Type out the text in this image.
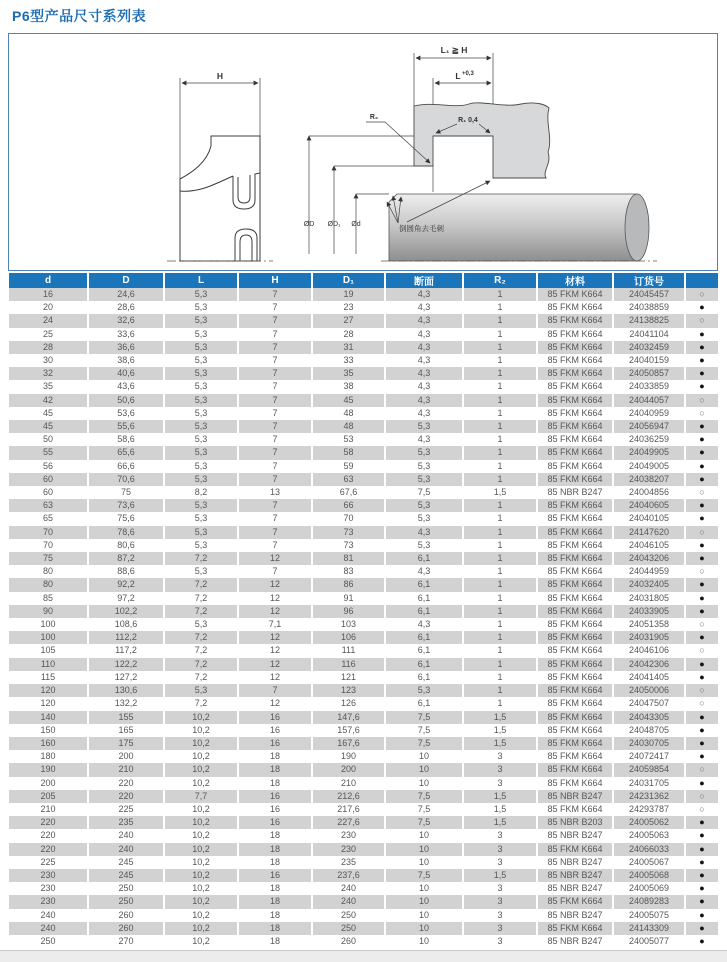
P6型产品尺寸系列表
H
L₁ ≧ H
L +0,3
R₁ 0,4
R₂
ØD ØD₁ Ød	倒圆角去毛刺
d	D	L	H	D₁	断面	R₂	材料	订货号	
16	24,6	5,3	7	19	4,3	1	85 FKM K664	24045457	○
20	28,6	5,3	7	23	4,3	1	85 FKM K664	24038859	●
24	32,6	5,3	7	27	4,3	1	85 FKM K664	24138825	○
25	33,6	5,3	7	28	4,3	1	85 FKM K664	24041104	●
28	36,6	5,3	7	31	4,3	1	85 FKM K664	24032459	●
30	38,6	5,3	7	33	4,3	1	85 FKM K664	24040159	●
32	40,6	5,3	7	35	4,3	1	85 FKM K664	24050857	●
35	43,6	5,3	7	38	4,3	1	85 FKM K664	24033859	●
42	50,6	5,3	7	45	4,3	1	85 FKM K664	24044057	○
45	53,6	5,3	7	48	4,3	1	85 FKM K664	24040959	○
45	55,6	5,3	7	48	5,3	1	85 FKM K664	24056947	●
50	58,6	5,3	7	53	4,3	1	85 FKM K664	24036259	●
55	65,6	5,3	7	58	5,3	1	85 FKM K664	24049905	●
56	66,6	5,3	7	59	5,3	1	85 FKM K664	24049005	●
60	70,6	5,3	7	63	5,3	1	85 FKM K664	24038207	●
60	75	8,2	13	67,6	7,5	1,5	85 NBR B247	24004856	○
63	73,6	5,3	7	66	5,3	1	85 FKM K664	24040605	●
65	75,6	5,3	7	70	5,3	1	85 FKM K664	24040105	●
70	78,6	5,3	7	73	4,3	1	85 FKM K664	24147620	○
70	80,6	5,3	7	73	5,3	1	85 FKM K664	24046105	●
75	87,2	7,2	12	81	6,1	1	85 FKM K664	24043206	●
80	88,6	5,3	7	83	4,3	1	85 FKM K664	24044959	○
80	92,2	7,2	12	86	6,1	1	85 FKM K664	24032405	●
85	97,2	7,2	12	91	6,1	1	85 FKM K664	24031805	●
90	102,2	7,2	12	96	6,1	1	85 FKM K664	24033905	●
100	108,6	5,3	7,1	103	4,3	1	85 FKM K664	24051358	○
100	112,2	7,2	12	106	6,1	1	85 FKM K664	24031905	●
105	117,2	7,2	12	111	6,1	1	85 FKM K664	24046106	○
110	122,2	7,2	12	116	6,1	1	85 FKM K664	24042306	●
115	127,2	7,2	12	121	6,1	1	85 FKM K664	24041405	●
120	130,6	5,3	7	123	5,3	1	85 FKM K664	24050006	○
120	132,2	7,2	12	126	6,1	1	85 FKM K664	24047507	○
140	155	10,2	16	147,6	7,5	1,5	85 FKM K664	24043305	●
150	165	10,2	16	157,6	7,5	1,5	85 FKM K664	24048705	●
160	175	10,2	16	167,6	7,5	1,5	85 FKM K664	24030705	●
180	200	10,2	18	190	10	3	85 FKM K664	24072417	●
190	210	10,2	18	200	10	3	85 FKM K664	24059854	○
200	220	10,2	18	210	10	3	85 FKM K664	24031705	●
205	220	7,7	16	212,6	7,5	1,5	85 NBR B247	24231362	○
210	225	10,2	16	217,6	7,5	1,5	85 FKM K664	24293787	○
220	235	10,2	16	227,6	7,5	1,5	85 NBR B203	24005062	●
220	240	10,2	18	230	10	3	85 NBR B247	24005063	●
220	240	10,2	18	230	10	3	85 FKM K664	24066033	●
225	245	10,2	18	235	10	3	85 NBR B247	24005067	●
230	245	10,2	16	237,6	7,5	1,5	85 NBR B247	24005068	●
230	250	10,2	18	240	10	3	85 NBR B247	24005069	●
230	250	10,2	18	240	10	3	85 FKM K664	24089283	●
240	260	10,2	18	250	10	3	85 NBR B247	24005075	●
240	260	10,2	18	250	10	3	85 FKM K664	24143309	●
250	270	10,2	18	260	10	3	85 NBR B247	24005077	●
